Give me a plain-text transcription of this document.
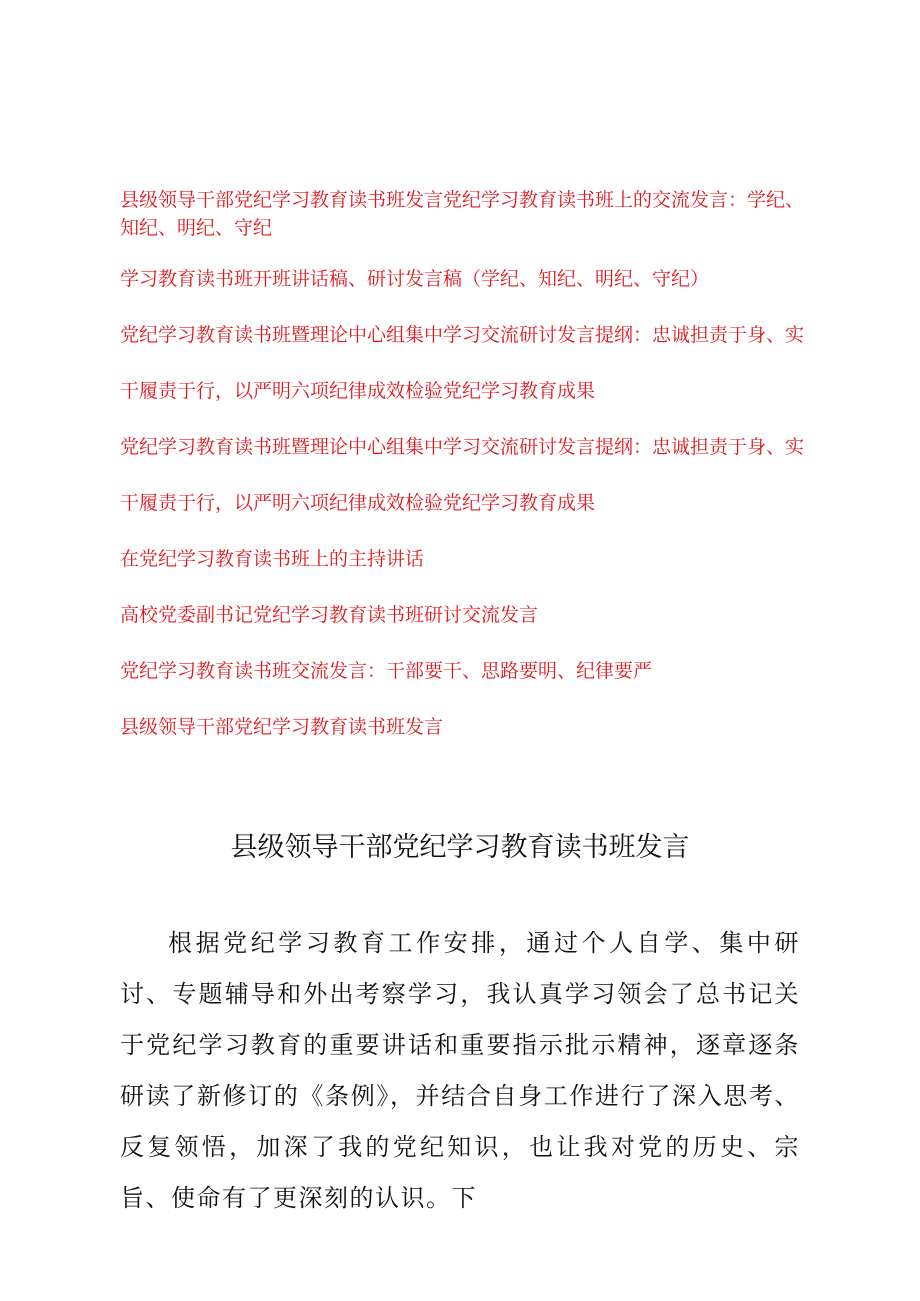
县级领导干部党纪学习教育读书班发言党纪学习教育读书班上的交流发言：学纪、知纪、明纪、守纪
学习教育读书班开班讲话稿、研讨发言稿（学纪、知纪、明纪、守纪）
党纪学习教育读书班暨理论中心组集中学习交流研讨发言提纲：忠诚担责于身、实
干履责于行，以严明六项纪律成效检验党纪学习教育成果
党纪学习教育读书班暨理论中心组集中学习交流研讨发言提纲：忠诚担责于身、实
干履责于行，以严明六项纪律成效检验党纪学习教育成果
在党纪学习教育读书班上的主持讲话
高校党委副书记党纪学习教育读书班研讨交流发言
党纪学习教育读书班交流发言：干部要干、思路要明、纪律要严
县级领导干部党纪学习教育读书班发言
县级领导干部党纪学习教育读书班发言

根据党纪学习教育工作安排，通过个人自学、集中研讨、专题辅导和外出考察学习，我认真学习领会了总书记关于党纪学习教育的重要讲话和重要指示批示精神，逐章逐条研读了新修订的《条例》，并结合自身工作进行了深入思考、反复领悟，加深了我的党纪知识，也让我对党的历史、宗旨、使命有了更深刻的认识。下
